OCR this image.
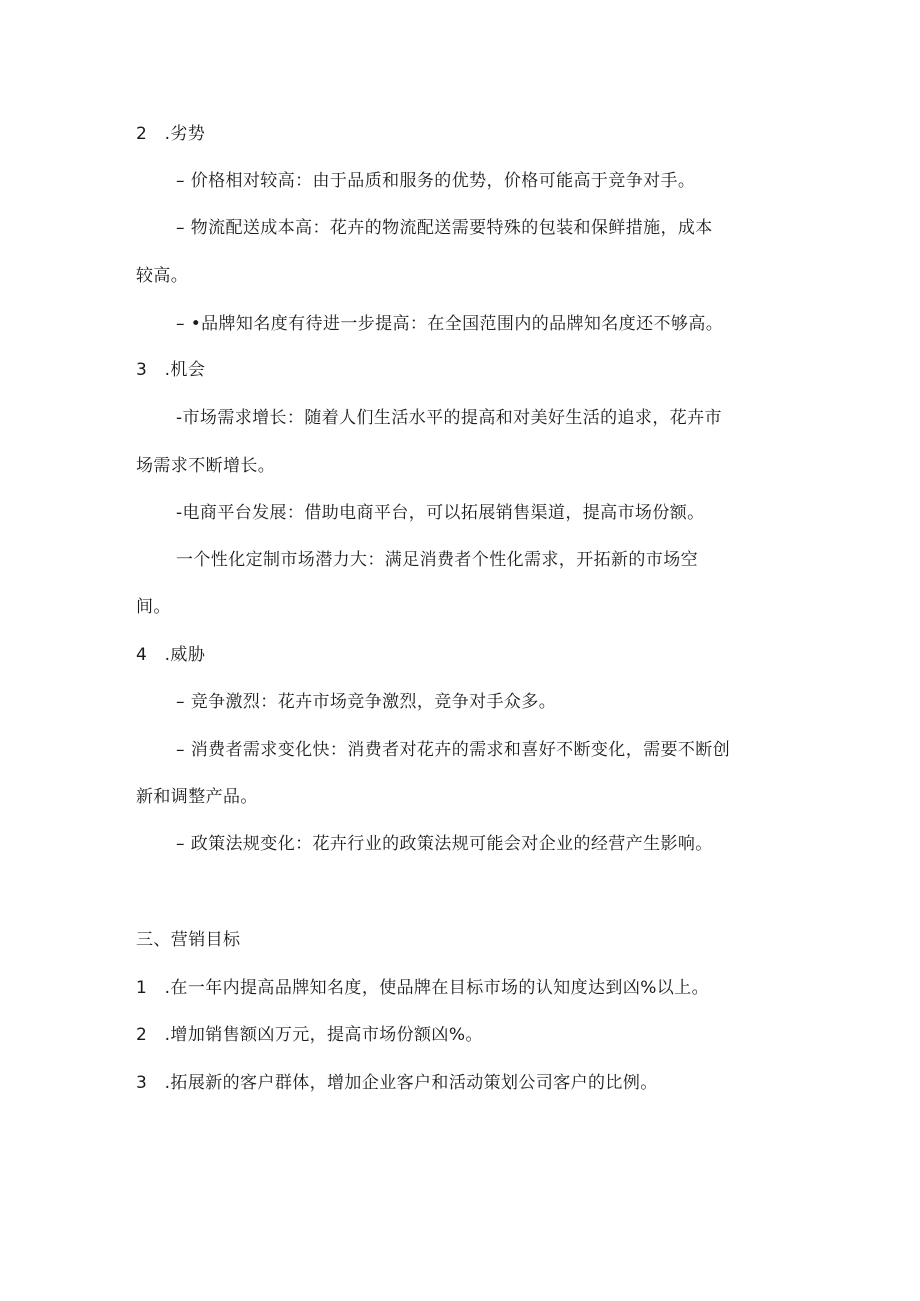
2　.劣势
– 价格相对较高：由于品质和服务的优势，价格可能高于竞争对手。
– 物流配送成本高：花卉的物流配送需要特殊的包装和保鲜措施，成本
较高。
– •品牌知名度有待进一步提高：在全国范围内的品牌知名度还不够高。
3　.机会
-市场需求增长：随着人们生活水平的提高和对美好生活的追求，花卉市
场需求不断增长。
-电商平台发展：借助电商平台，可以拓展销售渠道，提高市场份额。
一个性化定制市场潜力大：满足消费者个性化需求，开拓新的市场空
间。
4　.威胁
– 竞争激烈：花卉市场竞争激烈，竞争对手众多。
– 消费者需求变化快：消费者对花卉的需求和喜好不断变化，需要不断创
新和调整产品。
– 政策法规变化：花卉行业的政策法规可能会对企业的经营产生影响。
三、营销目标
1　.在一年内提高品牌知名度，使品牌在目标市场的认知度达到凶%以上。
2　.增加销售额凶万元，提高市场份额凶%。
3　.拓展新的客户群体，增加企业客户和活动策划公司客户的比例。
